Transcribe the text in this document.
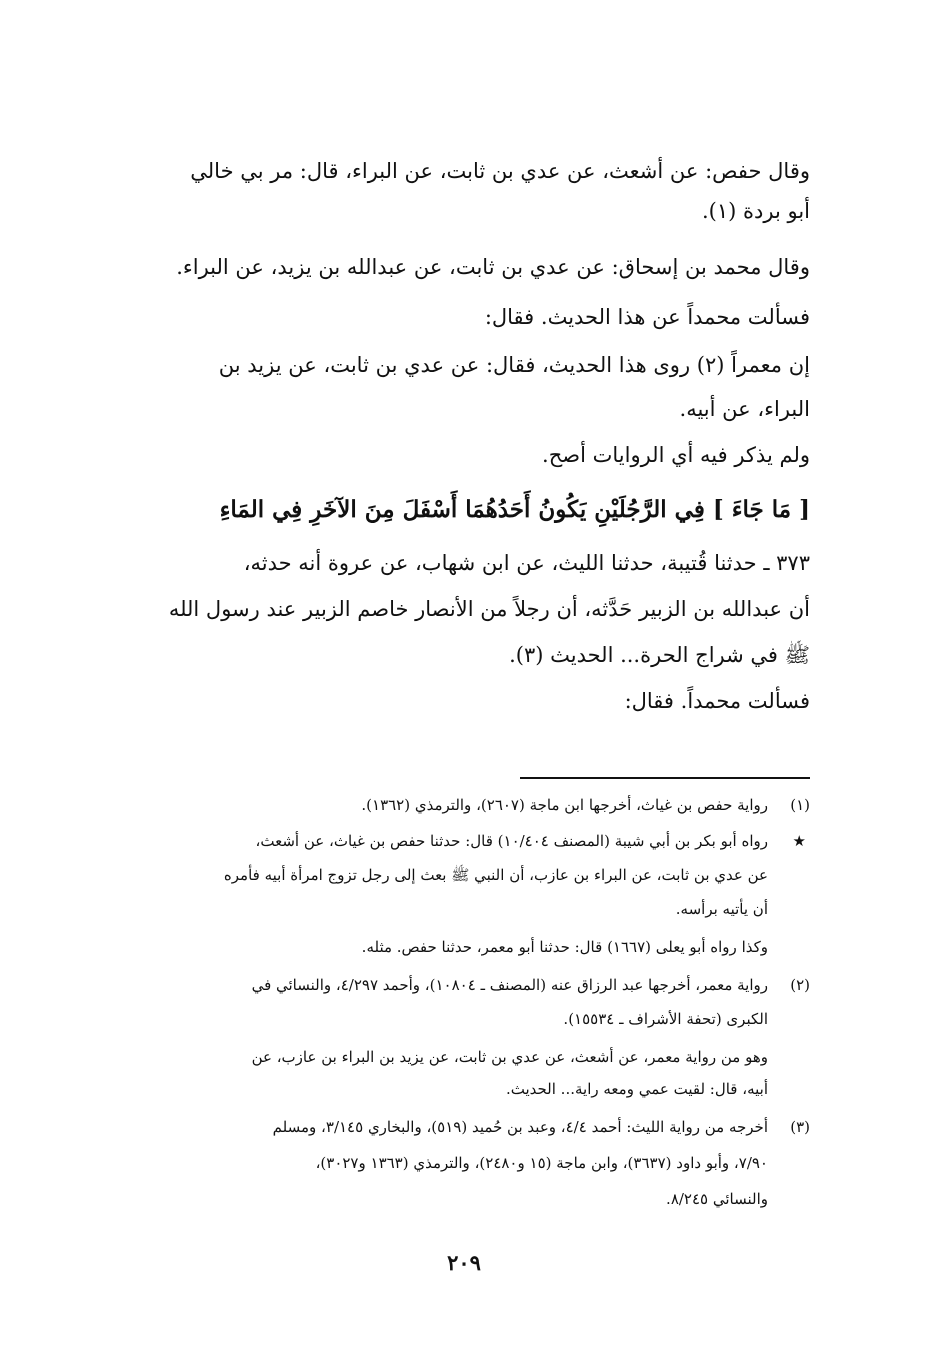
وقال حفص: عن أشعث، عن عدي بن ثابت، عن البراء، قال: مر بي خالي
أبو بردة (١).
وقال محمد بن إسحاق: عن عدي بن ثابت، عن عبدالله بن يزيد، عن البراء.
فسألت محمداً عن هذا الحديث. فقال:
إن معمراً (٢) روى هذا الحديث، فقال: عن عدي بن ثابت، عن يزيد بن
البراء، عن أبيه.
ولم يذكر فيه أي الروايات أصح.
[ مَا جَاءَ ] فِي الرَّجُلَيْنِ يَكُونُ أَحَدُهُمَا أَسْفَلَ مِنَ الآخَرِ فِي المَاءِ
٣٧٣ ـ حدثنا قُتيبة، حدثنا الليث، عن ابن شهاب، عن عروة أنه حدثه،
أن عبدالله بن الزبير حَدَّثه، أن رجلاً من الأنصار خاصم الزبير عند رسول الله
ﷺ في شراج الحرة... الحديث (٣).
فسألت محمداً. فقال:
(١)
رواية حفص بن غياث، أخرجها ابن ماجة (٢٦٠٧)، والترمذي (١٣٦٢).
★
رواه أبو بكر بن أبي شيبة (المصنف ١٠/٤٠٤) قال: حدثنا حفص بن غياث، عن أشعث،
عن عدي بن ثابت، عن البراء بن عازب، أن النبي ﷺ بعث إلى رجل تزوج امرأة أبيه فأمره
أن يأتيه برأسه.
وكذا رواه أبو يعلى (١٦٦٧) قال: حدثنا أبو معمر، حدثنا حفص. مثله.
(٢)
رواية معمر، أخرجها عبد الرزاق عنه (المصنف ـ ١٠٨٠٤)، وأحمد ٤/٢٩٧، والنسائي في
الكبرى (تحفة الأشراف ـ ١٥٥٣٤).
وهو من رواية معمر، عن أشعث، عن عدي بن ثابت، عن يزيد بن البراء بن عازب، عن
أبيه، قال: لقيت عمي ومعه راية... الحديث.
(٣)
أخرجه من رواية الليث: أحمد ٤/٤، وعبد بن حُميد (٥١٩)، والبخاري ٣/١٤٥، ومسلم
٧/٩٠، وأبو داود (٣٦٣٧)، وابن ماجة (١٥ و٢٤٨٠)، والترمذي (١٣٦٣ و٣٠٢٧)،
والنسائي ٨/٢٤٥.
٢٠٩
